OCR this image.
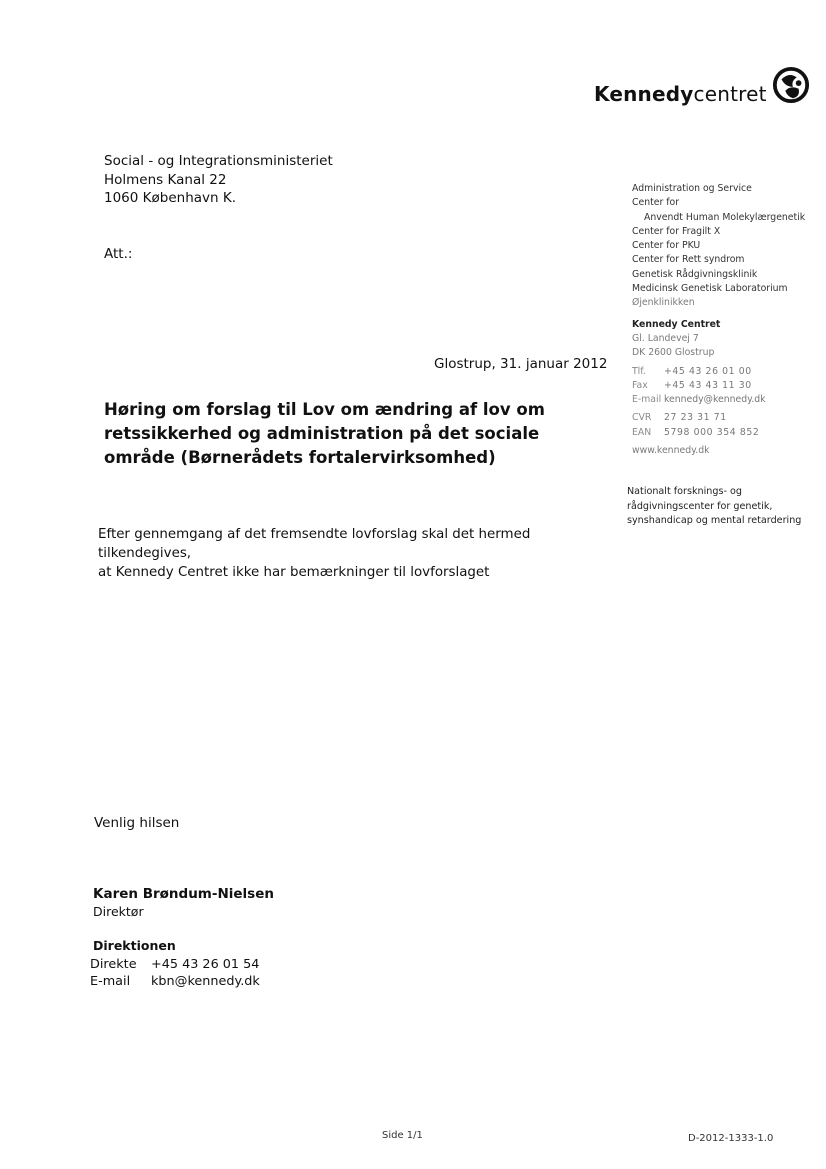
Kennedycentret
Social - og Integrationsministeriet
Holmens Kanal 22
1060 København K.
Att.:
Administration og Service
Center for
Anvendt Human Molekylærgenetik
Center for Fragilt X
Center for PKU
Center for Rett syndrom
Genetisk Rådgivningsklinik
Medicinsk Genetisk Laboratorium
Øjenklinikken
Kennedy Centret
Gl. Landevej 7
DK 2600 Glostrup
Tlf.	+45 43 26 01 00
Fax	+45 43 43 11 30
E-mail kennedy@kennedy.dk
CVR	27 23 31 71
EAN	5798 000 354 852
www.kennedy.dk
Nationalt forsknings- og
rådgivningscenter for genetik,
synshandicap og mental retardering
Glostrup, 31. januar 2012
Høring om forslag til Lov om ændring af lov om retssikkerhed og administration på det sociale område (Børnerådets fortalervirksomhed)
Efter gennemgang af det fremsendte lovforslag skal det hermed tilkendegives,
at Kennedy Centret ikke har bemærkninger til lovforslaget
Venlig hilsen
Karen Brøndum-Nielsen
Direktør
Direktionen
Direkte	+45 43 26 01 54
E-mail	kbn@kennedy.dk
Side 1/1	D-2012-1333-1.0
